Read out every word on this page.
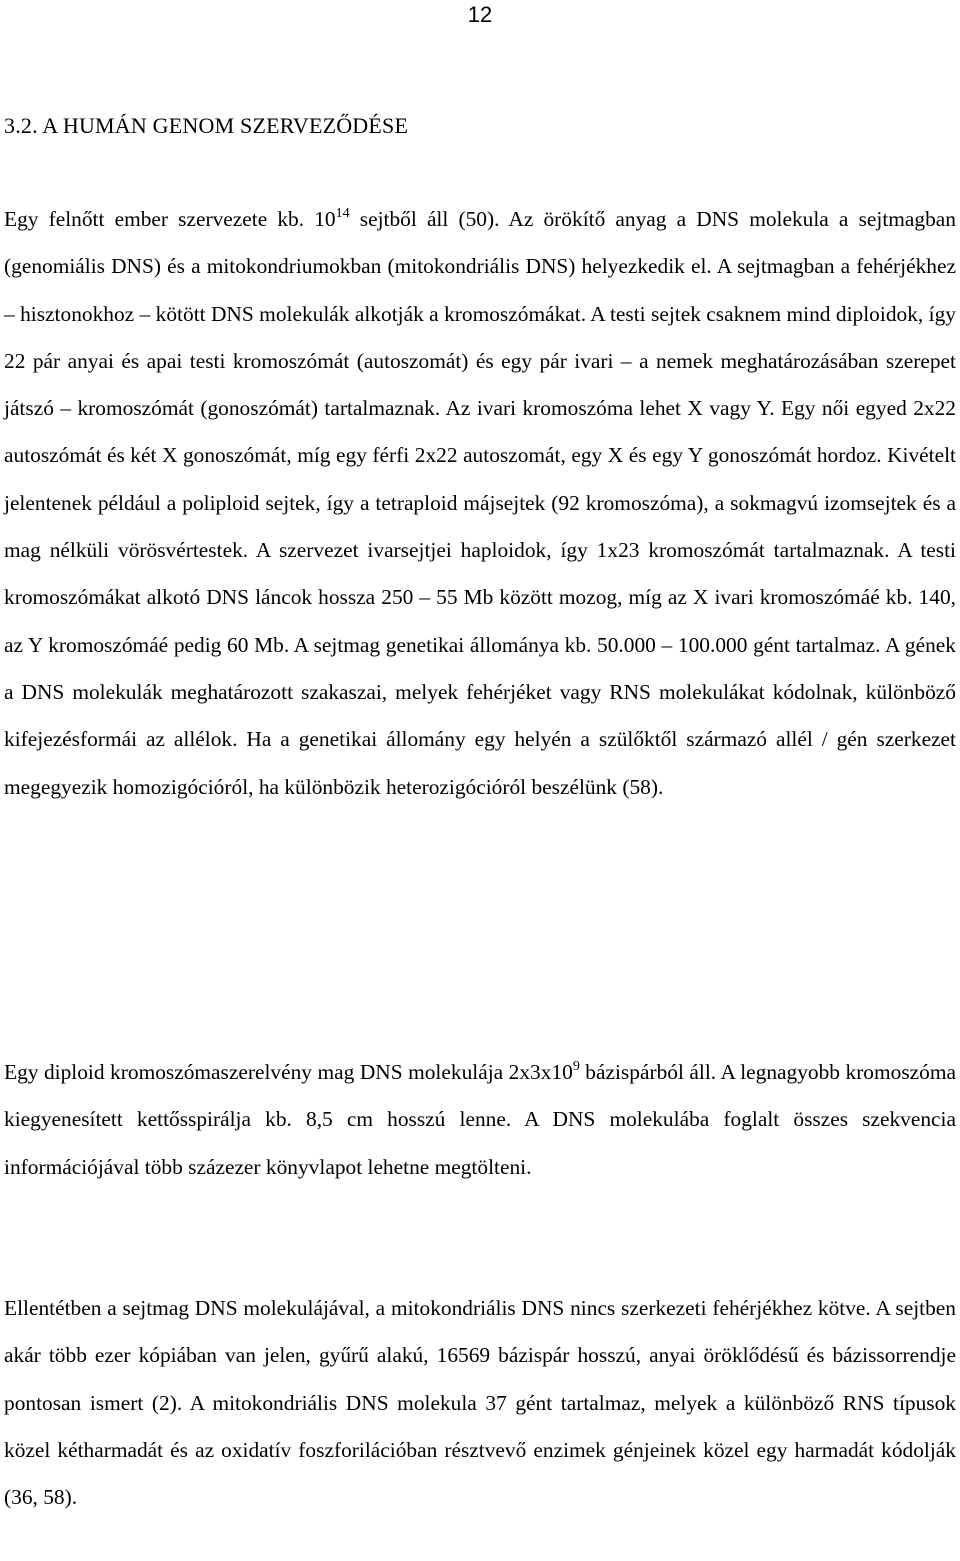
12
3.2. A HUMÁN GENOM SZERVEZŐDÉSE

Egy felnőtt ember szervezete kb. $10^{14}$ sejtből áll (50). Az örökítő anyag a DNS molekula a sejtmagban (genomiális DNS) és a mitokondriumokban (mitokondriális DNS) helyezkedik el. A sejtmagban a fehérjékhez – hisztonokhoz – kötött DNS molekulák alkotják a kromoszómákat. A testi sejtek csaknem mind diploidok, így 22 pár anyai és apai testi kromoszómát (autoszomát) és egy pár ivari – a nemek meghatározásában szerepet játszó – kromoszómát (gonoszómát) tartalmaznak. Az ivari kromoszóma lehet X vagy Y. Egy női egyed 2x22 autoszómát és két X gonoszómát, míg egy férfi 2x22 autoszomát, egy X és egy Y gonoszómát hordoz. Kivételt jelentenek például a poliploid sejtek, így a tetraploid májsejtek (92 kromoszóma), a sokmagvú izomsejtek és a mag nélküli vörösvértestek. A szervezet ivarsejtjei haploidok, így 1x23 kromoszómát tartalmaznak. A testi kromoszómákat alkotó DNS láncok hossza 250 – 55 Mb között mozog, míg az X ivari kromoszómáé kb. 140, az Y kromoszómáé pedig 60 Mb. A sejtmag genetikai állománya kb. 50.000 – 100.000 gént tartalmaz. A gének a DNS molekulák meghatározott szakaszai, melyek fehérjéket vagy RNS molekulákat kódolnak, különböző kifejezésformái az allélok. Ha a genetikai állomány egy helyén a szülőktől származó allél / gén szerkezet megegyezik homozigócióról, ha különbözik heterozigócióról beszélünk (58).

Egy diploid kromoszómaszerelvény mag DNS molekulája $2x3x10^9$ bázispárból áll. A legnagyobb kromoszóma kiegyenesített kettősspirálja kb. 8,5 cm hosszú lenne. A DNS molekulába foglalt összes szekvencia információjával több százezer könyvlapot lehetne megtölteni.

Ellentétben a sejtmag DNS molekulájával, a mitokondriális DNS nincs szerkezeti fehérjékhez kötve. A sejtben akár több ezer kópiában van jelen, gyűrű alakú, 16569 bázispár hosszú, anyai öröklődésű és bázissorrendje pontosan ismert (2). A mitokondriális DNS molekula 37 gént tartalmaz, melyek a különböző RNS típusok közel kétharmadát és az oxidatív foszforilációban résztvevő enzimek génjeinek közel egy harmadát kódolják (36, 58).
